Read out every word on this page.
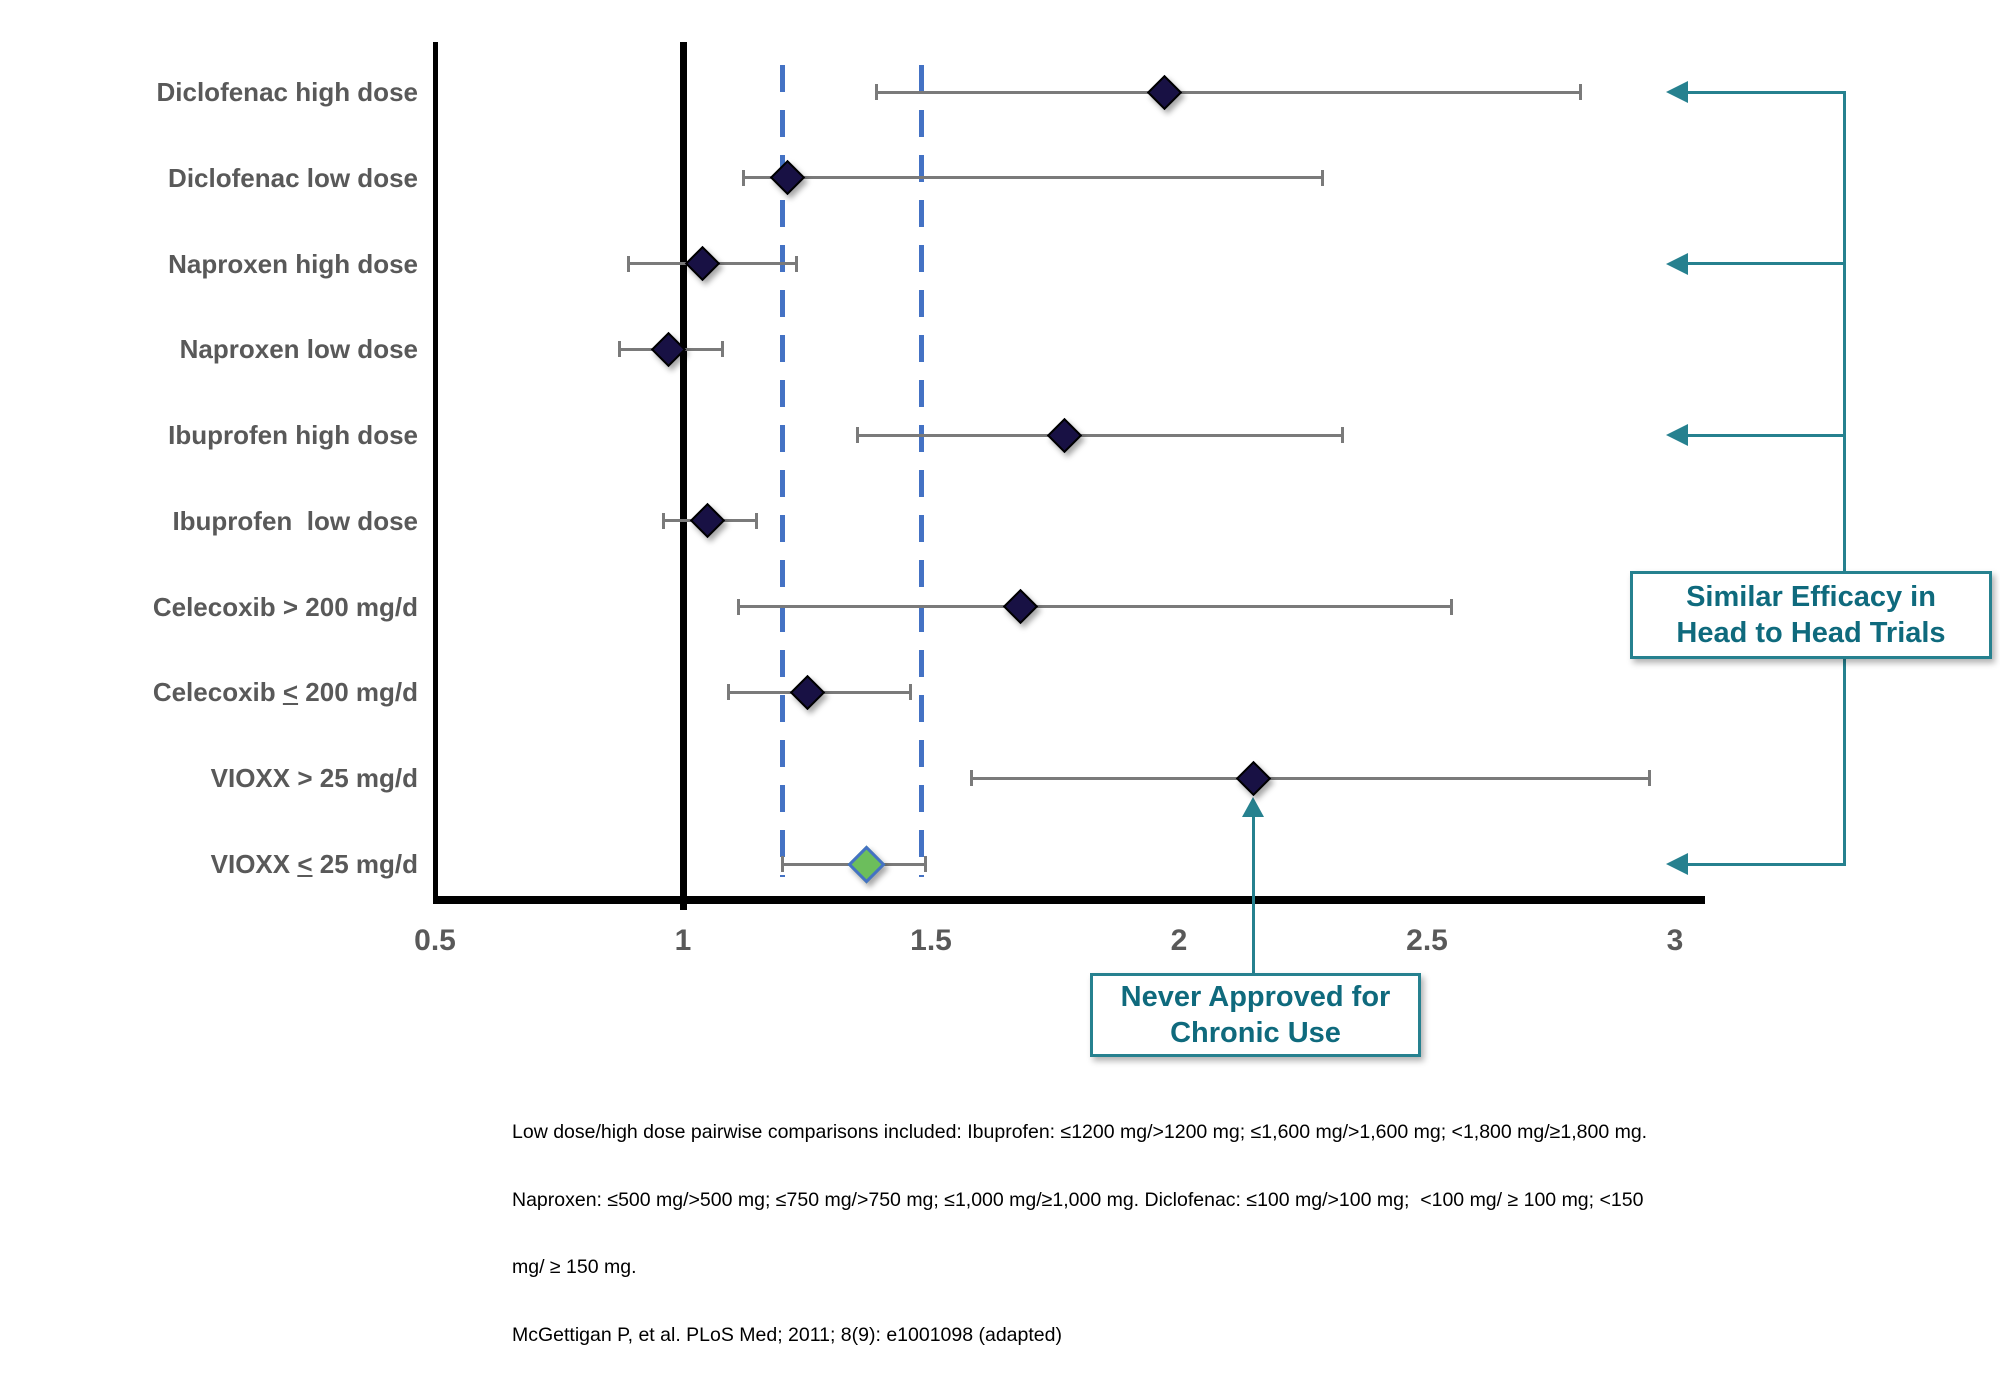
0.5	1	1.5	2	2.5	3
Diclofenac high dose
Diclofenac low dose
Naproxen high dose
Naproxen low dose
Ibuprofen high dose
Ibuprofen  low dose
Celecoxib > 200 mg/d
Celecoxib < 200 mg/d
VIOXX > 25 mg/d
VIOXX < 25 mg/d
Similar Efficacy in
Head to Head Trials
Never Approved for
Chronic Use

Low dose/high dose pairwise comparisons included: Ibuprofen: ≤1200 mg/>1200 mg; ≤1,600 mg/>1,600 mg; <1,800 mg/≥1,800 mg.

Naproxen: ≤500 mg/>500 mg; ≤750 mg/>750 mg; ≤1,000 mg/≥1,000 mg. Diclofenac: ≤100 mg/>100 mg;  <100 mg/ ≥ 100 mg; <150

mg/ ≥ 150 mg.

McGettigan P, et al. PLoS Med; 2011; 8(9): e1001098 (adapted)
